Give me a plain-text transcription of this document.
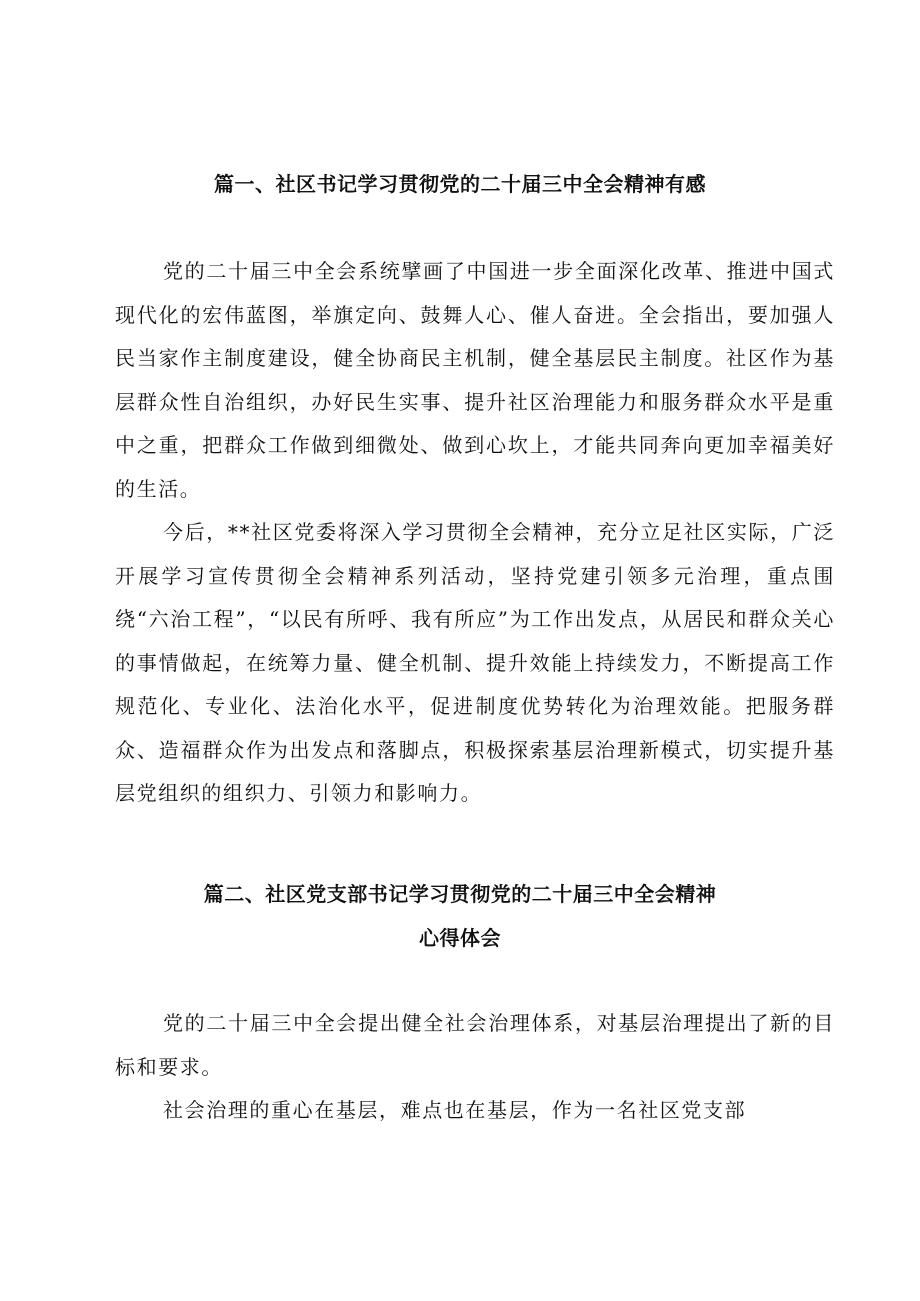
篇一、社区书记学习贯彻党的二十届三中全会精神有感

党的二十届三中全会系统擘画了中国进一步全面深化改革、推进中国式现代化的宏伟蓝图，举旗定向、鼓舞人心、催人奋进。全会指出，要加强人民当家作主制度建设，健全协商民主机制，健全基层民主制度。社区作为基层群众性自治组织，办好民生实事、提升社区治理能力和服务群众水平是重中之重，把群众工作做到细微处、做到心坎上，才能共同奔向更加幸福美好的生活。

今后，**社区党委将深入学习贯彻全会精神，充分立足社区实际，广泛开展学习宣传贯彻全会精神系列活动，坚持党建引领多元治理，重点围绕“六治工程”，“以民有所呼、我有所应”为工作出发点，从居民和群众关心的事情做起，在统筹力量、健全机制、提升效能上持续发力，不断提高工作规范化、专业化、法治化水平，促进制度优势转化为治理效能。把服务群众、造福群众作为出发点和落脚点，积极探索基层治理新模式，切实提升基层党组织的组织力、引领力和影响力。

篇二、社区党支部书记学习贯彻党的二十届三中全会精神
心得体会

党的二十届三中全会提出健全社会治理体系，对基层治理提出了新的目标和要求。

社会治理的重心在基层，难点也在基层，作为一名社区党支部
